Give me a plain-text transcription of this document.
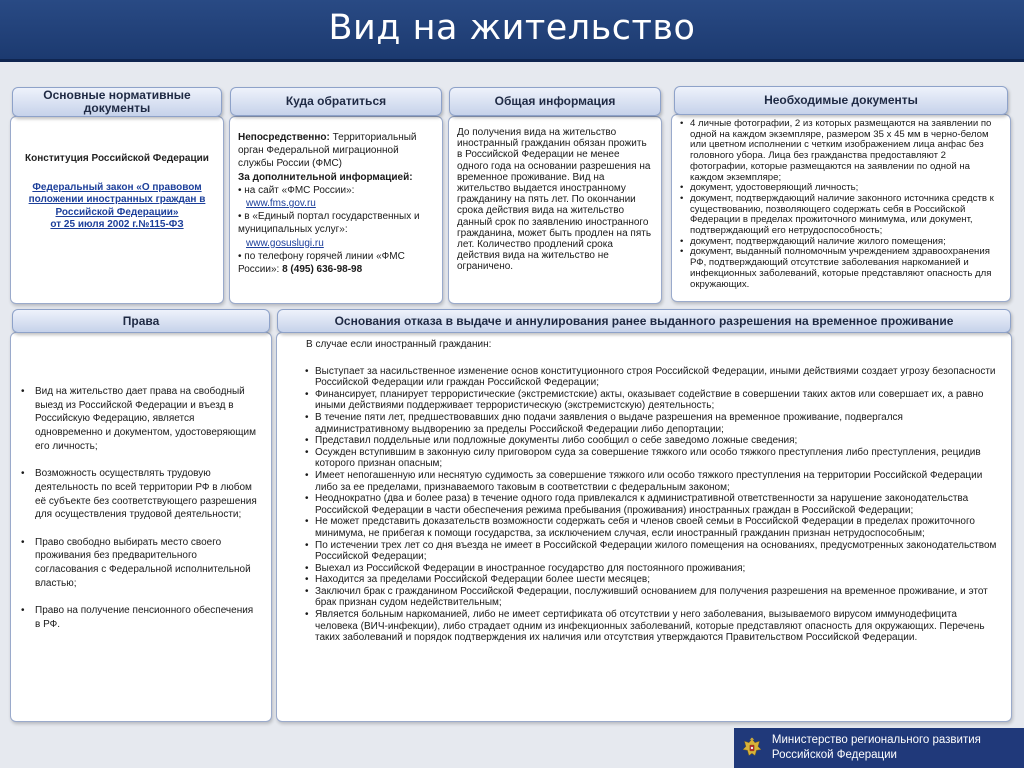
Вид на жительство
Основные нормативные документы	Куда обратиться	Общая информация	Необходимые документы
Конституция Российской Федерации
Федеральный закон «О правовом положении иностранных граждан в Российской Федерации»
от 25 июля 2002 г.№115-ФЗ
Непосредственно: Территориальный орган Федеральной миграционной службы России (ФМС)
За дополнительной информацией:
• на сайт «ФМС России»:
www.fms.gov.ru
• в «Единый портал государственных и муниципальных услуг»:
www.gosuslugi.ru
• по телефону горячей линии «ФМС России»: 8 (495) 636-98-98
До получения вида на жительство иностранный гражданин обязан прожить в Российской Федерации не менее одного года на основании разрешения на временное проживание. Вид на жительство выдается иностранному гражданину на пять лет. По окончании срока действия вида на жительство данный срок по заявлению иностранного гражданина, может быть продлен на пять лет. Количество продлений срока действия вида на жительство не ограничено.
• 4 личные фотографии, 2 из которых размещаются на заявлении по одной на каждом экземпляре, размером 35 х 45 мм в черно-белом или цветном исполнении с четким изображением лица анфас без головного убора. Лица без гражданства предоставляют 2 фотографии, которые размещаются на заявлении по одной на каждом экземпляре;
• документ, удостоверяющий личность;
• документ, подтверждающий наличие законного источника средств к существованию, позволяющего содержать себя в Российской Федерации в пределах прожиточного минимума, или документ, подтверждающий его нетрудоспособность;
• документ, подтверждающий наличие жилого помещения;
• документ, выданный полномочным учреждением здравоохранения РФ, подтверждающий отсутствие заболевания наркоманией и инфекционных заболеваний, которые представляют опасность для окружающих.
Права	Основания отказа в выдаче и аннулирования ранее выданного разрешения на временное проживание
• Вид на жительство дает права на свободный выезд из Российской Федерации и въезд в Российскую Федерацию, является одновременно и документом, удостоверяющим его личность;
• Возможность осуществлять трудовую деятельность по всей территории РФ в любом её субъекте без соответствующего разрешения для осуществления трудовой деятельности;
• Право свободно выбирать место своего проживания без предварительного согласования с Федеральной исполнительной властью;
• Право на получение пенсионного обеспечения в РФ.
В случае если иностранный гражданин:
• Выступает за насильственное изменение основ конституционного строя Российской Федерации, иными действиями создает угрозу безопасности Российской Федерации или граждан Российской Федерации;
• Финансирует, планирует террористические (экстремистские) акты, оказывает содействие в совершении таких актов или совершает их, а равно иными действиями поддерживает террористическую (экстремистскую) деятельность;
• В течение пяти лет, предшествовавших дню подачи заявления о выдаче разрешения на временное проживание, подвергался административному выдворению за пределы Российской Федерации либо депортации;
• Представил поддельные или подложные документы либо сообщил о себе заведомо ложные сведения;
• Осужден вступившим в законную силу приговором суда за совершение тяжкого или особо тяжкого преступления либо преступления, рецидив которого признан опасным;
• Имеет непогашенную или неснятую судимость за совершение тяжкого или особо тяжкого преступления на территории Российской Федерации либо за ее пределами, признаваемого таковым в соответствии с федеральным законом;
• Неоднократно (два и более раза) в течение одного года привлекался к административной ответственности за нарушение законодательства Российской Федерации в части обеспечения режима пребывания (проживания) иностранных граждан в Российской Федерации;
• Не может представить доказательств возможности содержать себя и членов своей семьи в Российской Федерации в пределах прожиточного минимума, не прибегая к помощи государства, за исключением случая, если иностранный гражданин признан нетрудоспособным;
• По истечении трех лет со дня въезда не имеет в Российской Федерации жилого помещения на основаниях, предусмотренных законодательством Российской Федерации;
• Выехал из Российской Федерации в иностранное государство для постоянного проживания;
• Находится за пределами Российской Федерации более шести месяцев;
• Заключил брак с гражданином Российской Федерации, послуживший основанием для получения разрешения на временное проживание, и этот брак признан судом недействительным;
• Является больным наркоманией, либо не имеет сертификата об отсутствии у него заболевания, вызываемого вирусом иммунодефицита человека (ВИЧ-инфекции), либо страдает одним из инфекционных заболеваний, которые представляют опасность для окружающих. Перечень таких заболеваний и порядок подтверждения их наличия или отсутствия утверждаются Правительством Российской Федерации.
Министерство регионального развития Российской Федерации
